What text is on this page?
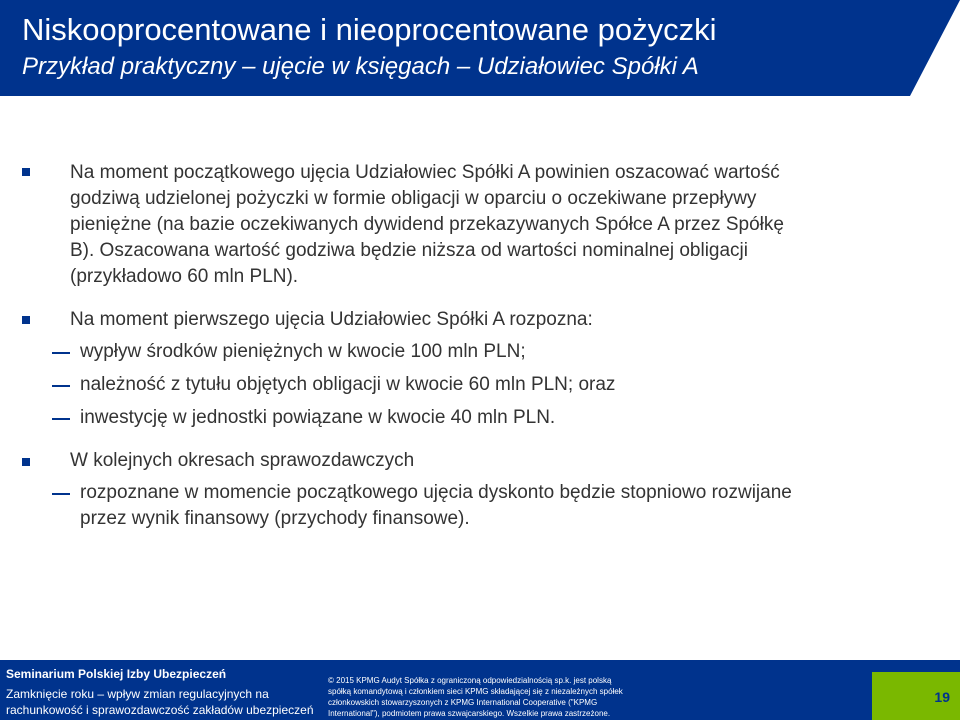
Niskooprocentowane i nieoprocentowane pożyczki
Przykład praktyczny – ujęcie w księgach – Udziałowiec Spółki A
Na moment początkowego ujęcia Udziałowiec Spółki A powinien oszacować wartość
godziwą udzielonej pożyczki w formie obligacji w oparciu o oczekiwane przepływy
pieniężne (na bazie oczekiwanych dywidend przekazywanych Spółce A przez Spółkę
B). Oszacowana wartość godziwa będzie niższa od wartości nominalnej obligacji
(przykładowo 60 mln PLN).
Na moment pierwszego ujęcia Udziałowiec Spółki A rozpozna:
wypływ środków pieniężnych w kwocie 100 mln PLN;
należność z tytułu objętych obligacji w kwocie 60 mln PLN; oraz
inwestycję w jednostki powiązane w kwocie 40 mln PLN.
W kolejnych okresach sprawozdawczych
rozpoznane w momencie początkowego ujęcia dyskonto będzie stopniowo rozwijane
przez wynik finansowy (przychody finansowe).
Seminarium Polskiej Izby Ubezpieczeń
Zamknięcie roku – wpływ zmian regulacyjnych na
rachunkowość i sprawozdawczość zakładów ubezpieczeń
© 2015 KPMG Audyt Spółka z ograniczoną odpowiedzialnością sp.k. jest polską
spółką komandytową i członkiem sieci KPMG składającej się z niezależnych spółek
członkowskich stowarzyszonych z KPMG International Cooperative ("KPMG
International"), podmiotem prawa szwajcarskiego. Wszelkie prawa zastrzeżone.
19
